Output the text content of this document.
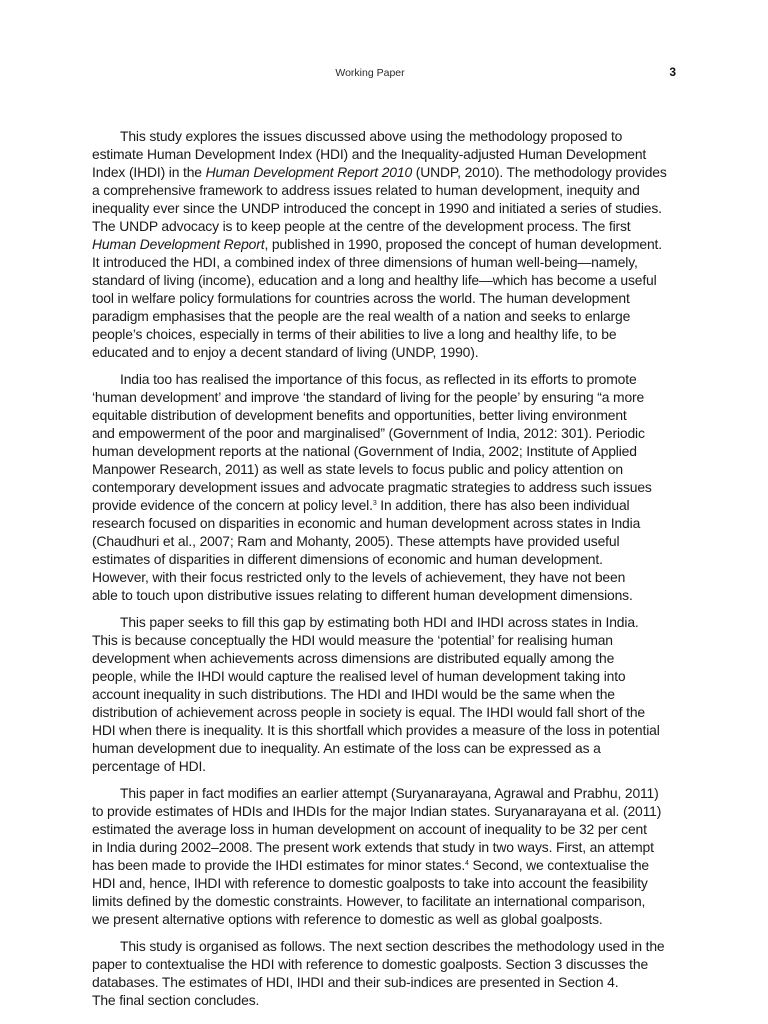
Working Paper	3
This study explores the issues discussed above using the methodology proposed to
estimate Human Development Index (HDI) and the Inequality-adjusted Human Development
Index (IHDI) in the Human Development Report 2010 (UNDP, 2010). The methodology provides
a comprehensive framework to address issues related to human development, inequity and
inequality ever since the UNDP introduced the concept in 1990 and initiated a series of studies.
The UNDP advocacy is to keep people at the centre of the development process. The first
Human Development Report, published in 1990, proposed the concept of human development.
It introduced the HDI, a combined index of three dimensions of human well-being—namely,
standard of living (income), education and a long and healthy life—which has become a useful
tool in welfare policy formulations for countries across the world. The human development
paradigm emphasises that the people are the real wealth of a nation and seeks to enlarge
people’s choices, especially in terms of their abilities to live a long and healthy life, to be
educated and to enjoy a decent standard of living (UNDP, 1990).
India too has realised the importance of this focus, as reflected in its efforts to promote
‘human development’ and improve ‘the standard of living for the people’ by ensuring “a more
equitable distribution of development benefits and opportunities, better living environment
and empowerment of the poor and marginalised” (Government of India, 2012: 301). Periodic
human development reports at the national (Government of India, 2002; Institute of Applied
Manpower Research, 2011) as well as state levels to focus public and policy attention on
contemporary development issues and advocate pragmatic strategies to address such issues
provide evidence of the concern at policy level.$^3$ In addition, there has also been individual
research focused on disparities in economic and human development across states in India
(Chaudhuri et al., 2007; Ram and Mohanty, 2005). These attempts have provided useful
estimates of disparities in different dimensions of economic and human development.
However, with their focus restricted only to the levels of achievement, they have not been
able to touch upon distributive issues relating to different human development dimensions.
This paper seeks to fill this gap by estimating both HDI and IHDI across states in India.
This is because conceptually the HDI would measure the ‘potential’ for realising human
development when achievements across dimensions are distributed equally among the
people, while the IHDI would capture the realised level of human development taking into
account inequality in such distributions. The HDI and IHDI would be the same when the
distribution of achievement across people in society is equal. The IHDI would fall short of the
HDI when there is inequality. It is this shortfall which provides a measure of the loss in potential
human development due to inequality. An estimate of the loss can be expressed as a
percentage of HDI.
This paper in fact modifies an earlier attempt (Suryanarayana, Agrawal and Prabhu, 2011)
to provide estimates of HDIs and IHDIs for the major Indian states. Suryanarayana et al. (2011)
estimated the average loss in human development on account of inequality to be 32 per cent
in India during 2002–2008. The present work extends that study in two ways. First, an attempt
has been made to provide the IHDI estimates for minor states.$^4$ Second, we contextualise the
HDI and, hence, IHDI with reference to domestic goalposts to take into account the feasibility
limits defined by the domestic constraints. However, to facilitate an international comparison,
we present alternative options with reference to domestic as well as global goalposts.
This study is organised as follows. The next section describes the methodology used in the
paper to contextualise the HDI with reference to domestic goalposts. Section 3 discusses the
databases. The estimates of HDI, IHDI and their sub-indices are presented in Section 4.
The final section concludes.
